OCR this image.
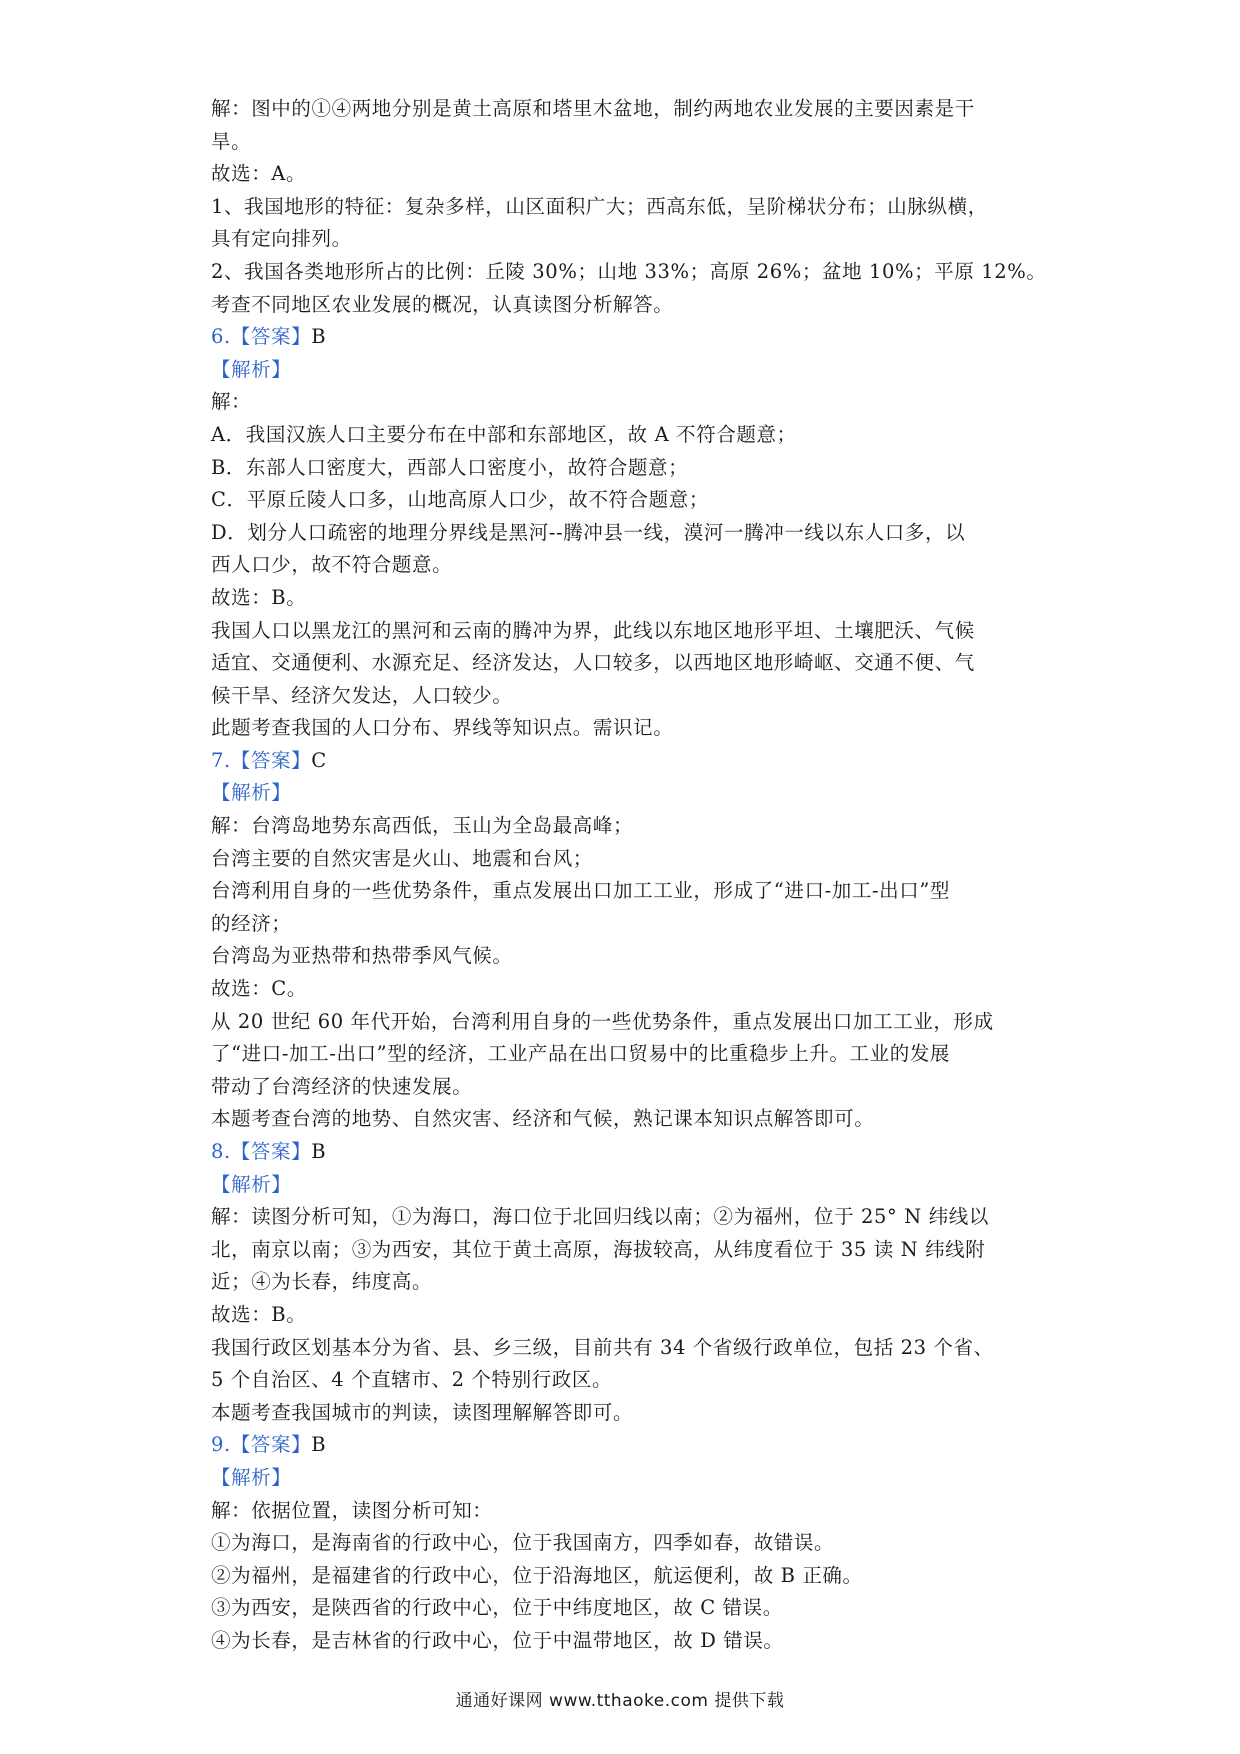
解：图中的①④两地分别是黄土高原和塔里木盆地，制约两地农业发展的主要因素是干
旱。
故选：A。
1、我国地形的特征：复杂多样，山区面积广大；西高东低，呈阶梯状分布；山脉纵横，
具有定向排列。
2、我国各类地形所占的比例：丘陵 30%；山地 33%；高原 26%；盆地 10%；平原 12%。
考查不同地区农业发展的概况，认真读图分析解答。
6.【答案】B
【解析】
解：
A．我国汉族人口主要分布在中部和东部地区，故 A 不符合题意；
B．东部人口密度大，西部人口密度小，故符合题意；
C．平原丘陵人口多，山地高原人口少，故不符合题意；
D．划分人口疏密的地理分界线是黑河--腾冲县一线，漠河一腾冲一线以东人口多，以
西人口少，故不符合题意。
故选：B。
我国人口以黑龙江的黑河和云南的腾冲为界，此线以东地区地形平坦、土壤肥沃、气候
适宜、交通便利、水源充足、经济发达，人口较多，以西地区地形崎岖、交通不便、气
候干旱、经济欠发达，人口较少。
此题考查我国的人口分布、界线等知识点。需识记。
7.【答案】C
【解析】
解：台湾岛地势东高西低，玉山为全岛最高峰；
台湾主要的自然灾害是火山、地震和台风；
台湾利用自身的一些优势条件，重点发展出口加工工业，形成了“进口-加工-出口”型
的经济；
台湾岛为亚热带和热带季风气候。
故选：C。
从 20 世纪 60 年代开始，台湾利用自身的一些优势条件，重点发展出口加工工业，形成
了“进口-加工-出口”型的经济，工业产品在出口贸易中的比重稳步上升。工业的发展
带动了台湾经济的快速发展。
本题考查台湾的地势、自然灾害、经济和气候，熟记课本知识点解答即可。
8.【答案】B
【解析】
解：读图分析可知，①为海口，海口位于北回归线以南；②为福州，位于 25° N 纬线以
北，南京以南；③为西安，其位于黄土高原，海拔较高，从纬度看位于 35 读 N 纬线附
近；④为长春，纬度高。
故选：B。
我国行政区划基本分为省、县、乡三级，目前共有 34 个省级行政单位，包括 23 个省、
5 个自治区、4 个直辖市、2 个特别行政区。
本题考查我国城市的判读，读图理解解答即可。
9.【答案】B
【解析】
解：依据位置，读图分析可知：
①为海口，是海南省的行政中心，位于我国南方，四季如春，故错误。
②为福州，是福建省的行政中心，位于沿海地区，航运便利，故 B 正确。
③为西安，是陕西省的行政中心，位于中纬度地区，故 C 错误。
④为长春，是吉林省的行政中心，位于中温带地区，故 D 错误。
通通好课网 www.tthaoke.com 提供下载
